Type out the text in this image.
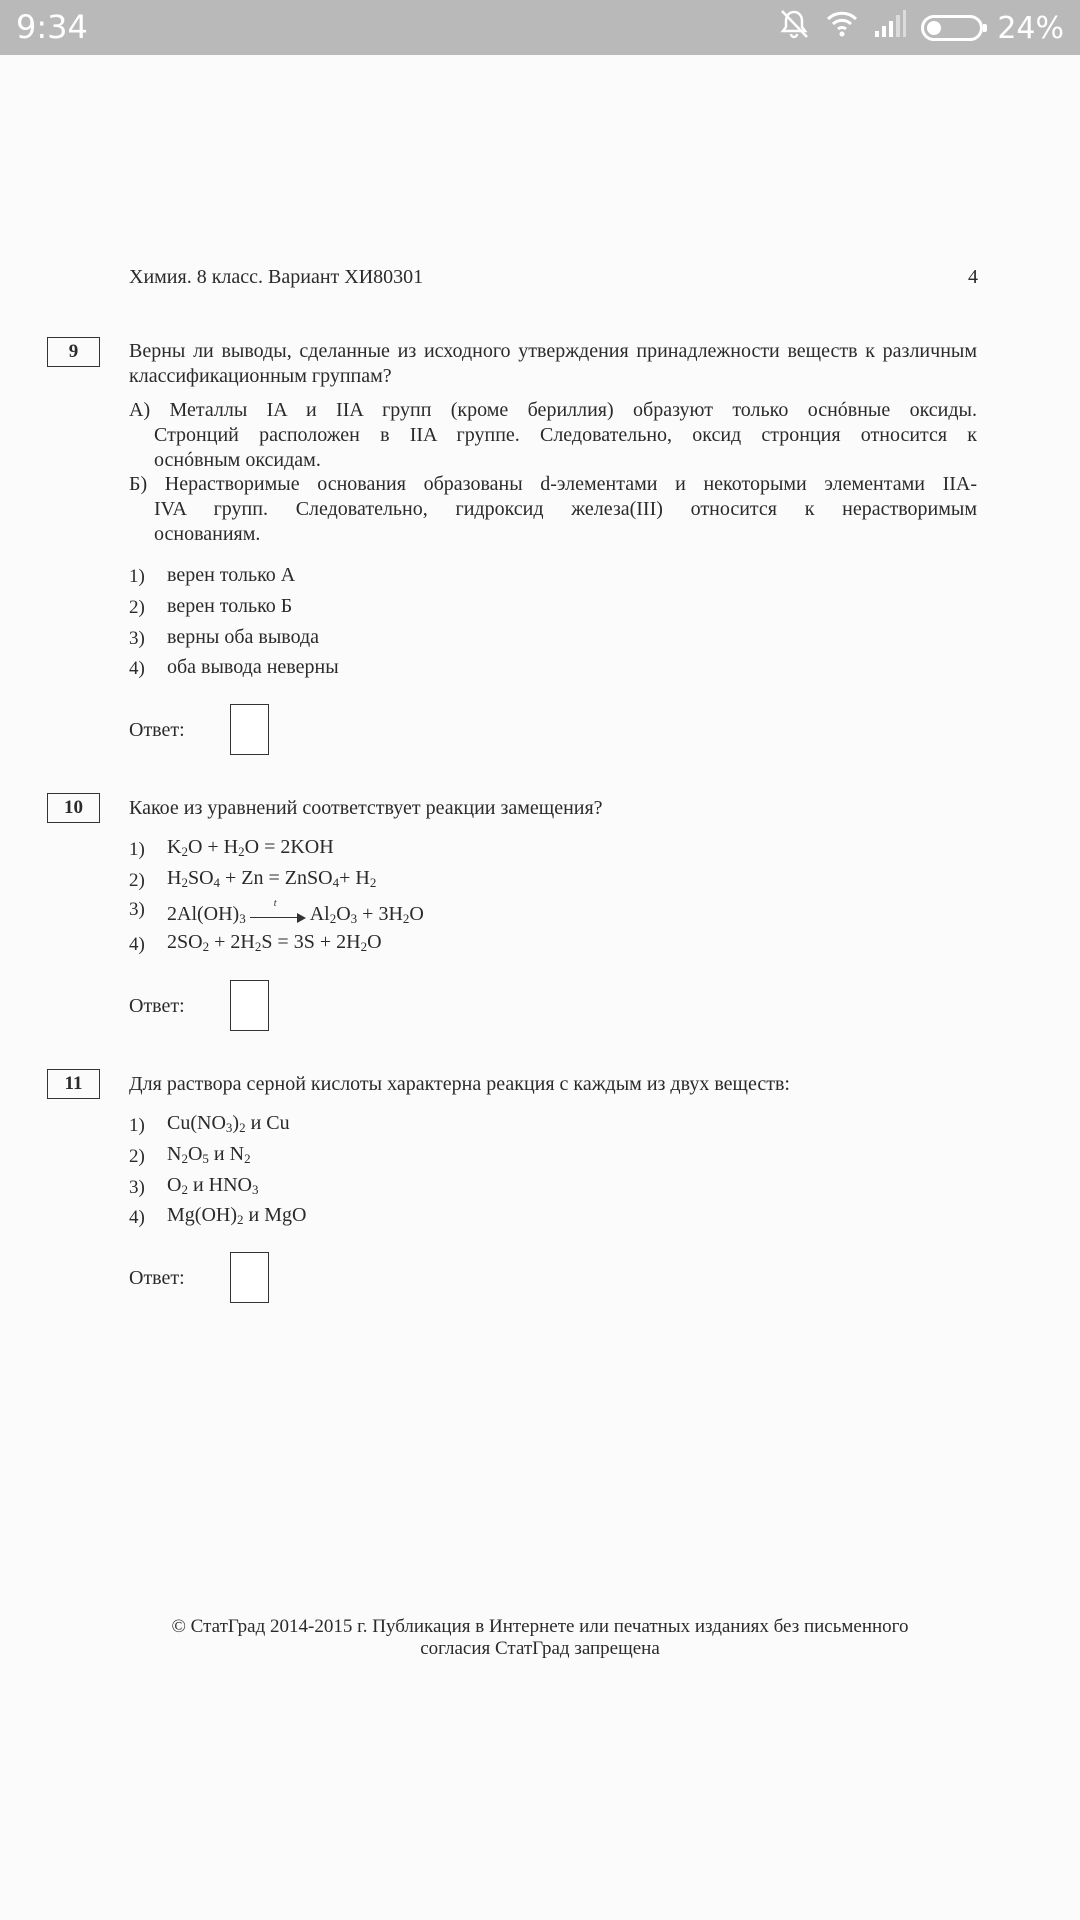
9:34	24%
Химия. 8 класс. Вариант ХИ80301	4
9	Верны ли выводы, сделанные из исходного утверждения принадлежности веществ к различным классификационным группам?
А) Металлы IA и IIA групп (кроме бериллия) образуют только оснóвные оксиды.
Стронций расположен в IIA группе. Следовательно, оксид стронция относится к
оснóвным оксидам.
Б) Нерастворимые основания образованы d-элементами и некоторыми элементами IIA-
IVA групп. Следовательно, гидроксид железа(III) относится к нерастворимым
основаниям.
1) верен только А
2) верен только Б
3) верны оба вывода
4) оба вывода неверны
Ответ:
10	Какое из уравнений соответствует реакции замещения?
1) $K_2O + H_2O = 2KOH$
2) $H_2SO_4 + Zn$ = ZnSO$_4$+ $H_2$
3) $2Al(OH)_3$
t $Al_2O_3 + 3H_2O$
4) $2SO_2 + 2H_2S = 3S + 2H_2O$
Ответ:
11	Для раствора серной кислоты характерна реакция с каждым из двух веществ:
1) $Cu(NO_3)_2$ и Cu
2) $N_2O_5$ и $N_2$
3) $O_2$ и $HNO_3$
4) $Mg(OH)_2$ и MgO
Ответ:
© СтатГрад 2014-2015 г. Публикация в Интернете или печатных изданиях без письменного
согласия СтатГрад запрещена
